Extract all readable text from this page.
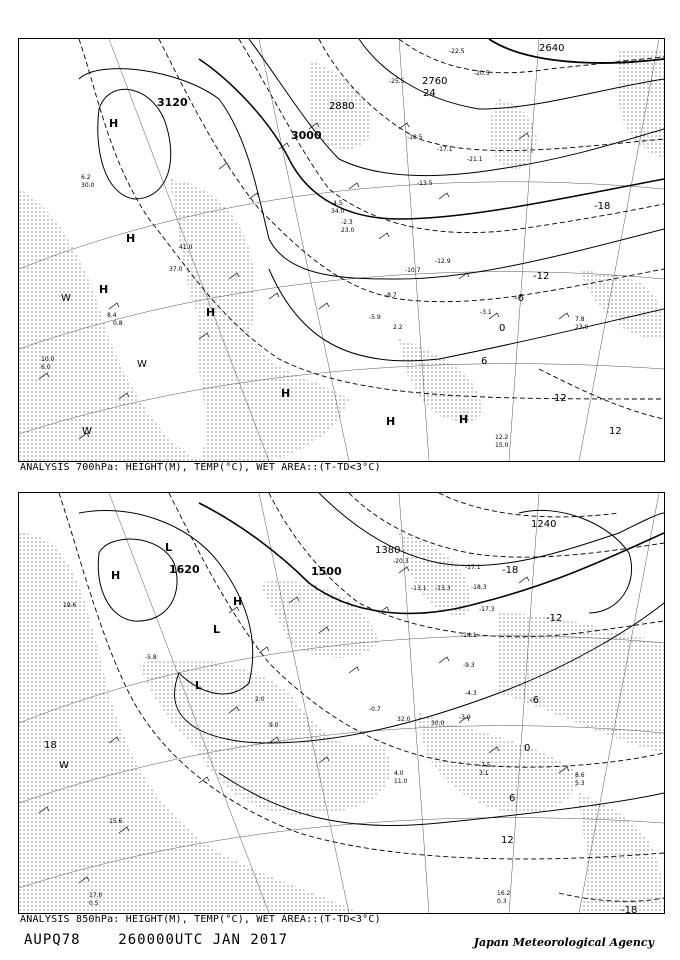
3120
3000
2880
2760
2640
24
-18
-12
-6
0
6
12
12
H
H
H
H
H
H	H
W
W
W
-22.5
-20.5
-25.5
-18.5
-17.1
-21.1
-13.5
-10.7
-12.9
-8.7
-5.9
-3.1
7.8
23.0
12.2
15.0
2.2
-4.5
34.0
-2.3
23.0
41.0
37.0
6.2
30.0
8.4
0.8
10.0
6.0
ANALYSIS 700hPa: HEIGHT(M), TEMP(°C), WET AREA::(T-TD<3°C)
1620	1500
1380
1240
-18
-12
-6
0
6
12
-18
18
H
L
L
L
H
W
-20.3
-13.1 -13.3
-17.1
-18.3
-17.3
-14.1
-9.3
-4.3
-3.9
-0.7
8.6
5.3
-7.5
3.1
16.2
0.3
17.0
0.5
15.6
4.0
11.0
32.0
30.0
-5.8
2.0
9.0
19.6
ANALYSIS 850hPa: HEIGHT(M), TEMP(°C), WET AREA::(T-TD<3°C)
AUPQ78	260000UTC JAN 2017	Japan Meteorological Agency
